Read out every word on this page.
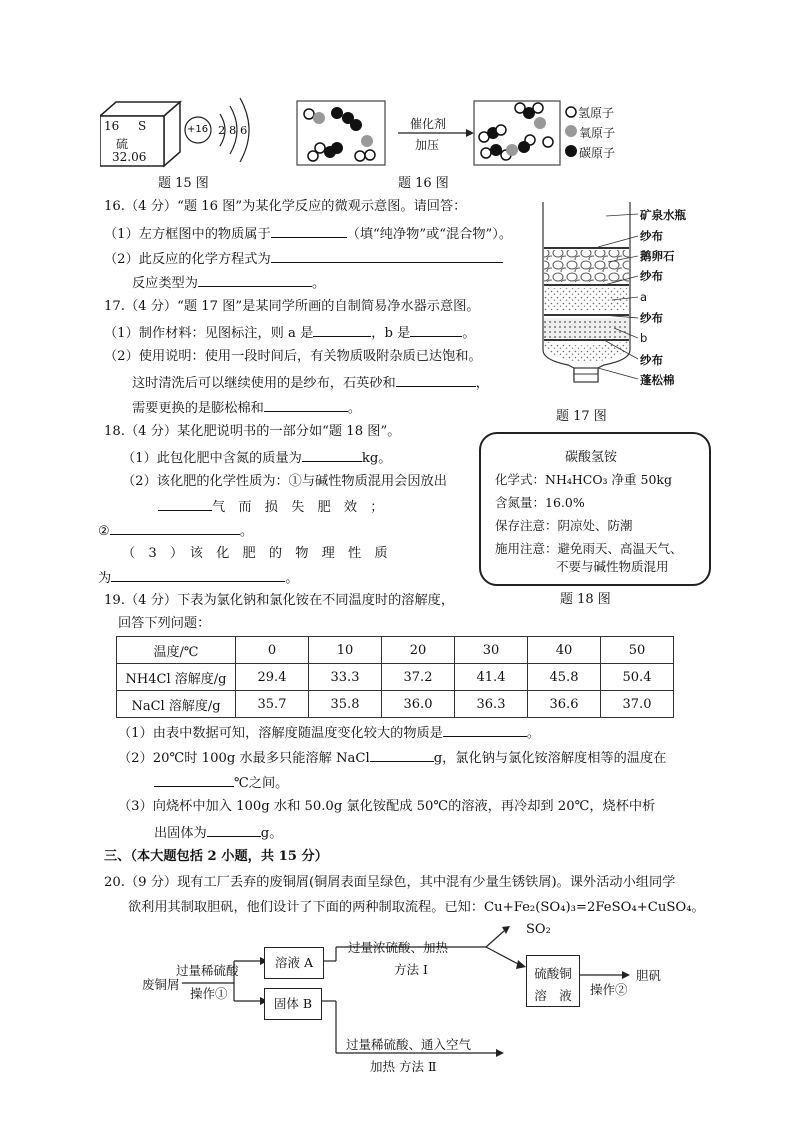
16 S
硫
32.06
+16 2 8 6
题 15 图
催化剂
加压
氢原子
氧原子
碳原子
题 16 图
矿泉水瓶
纱布
鹅卵石
纱布
a
纱布
b
纱布
蓬松棉
题 17 图
16.（4 分）“题 16 图”为某化学反应的微观示意图。请回答：
（1）左方框图中的物质属于	（填“纯净物”或“混合物”）。
（2）此反应的化学方程式为
反应类型为	。
17.（4 分）“题 17 图”是某同学所画的自制简易净水器示意图。
（1）制作材料：见图标注，则 a 是	，b 是	。
（2）使用说明：使用一段时间后，有关物质吸附杂质已达饱和。
这时清洗后可以继续使用的是纱布，石英砂和	，
需要更换的是膨松棉和	。
18.（4 分）某化肥说明书的一部分如“题 18 图”。
（1）此包化肥中含氮的质量为	kg。
（2）该化肥的化学性质为：①与碱性物质混用会因放出
气　而　损　失　肥　效　；
②	。
（　3　）　该　化　肥　的　物　理　性　质
为	。
碳酸氢铵
化学式：NH₄HCO₃ 净重 50kg
含氮量：16.0%
保存注意：阴凉处、防潮
施用注意：避免雨天、高温天气、
不要与碱性物质混用
题 18 图
19.（4 分）下表为氯化钠和氯化铵在不同温度时的溶解度，
回答下列问题：
温度/℃	0	10	20	30	40	50
NH4Cl 溶解度/g	29.4	33.3	37.2	41.4	45.8	50.4
NaCl 溶解度/g	35.7	35.8	36.0	36.3	36.6	37.0
（1）由表中数据可知，溶解度随温度变化较大的物质是	。
（2）20℃时 100g 水最多只能溶解 NaCl	g，氯化钠与氯化铵溶解度相等的温度在
℃之间。
（3）向烧杯中加入 100g 水和 50.0g 氯化铵配成 50℃的溶液，再冷却到 20℃，烧杯中析
出固体为	g。
三、（本大题包括 2 小题，共 15 分）
20.（9 分）现有工厂丢弃的废铜屑(铜屑表面呈绿色，其中混有少量生锈铁屑)。课外活动小组同学
欲利用其制取胆矾，他们设计了下面的两种制取流程。已知：Cu+Fe₂(SO₄)₃=2FeSO₄+CuSO₄。
废铜屑
过量稀硫酸
操作①
溶液 A
固体 B
过量浓硫酸、加热
方法 Ⅰ
SO₂
硫酸铜
溶　液	操作②
胆矾
过量稀硫酸、通入空气
加热 方法 Ⅱ
